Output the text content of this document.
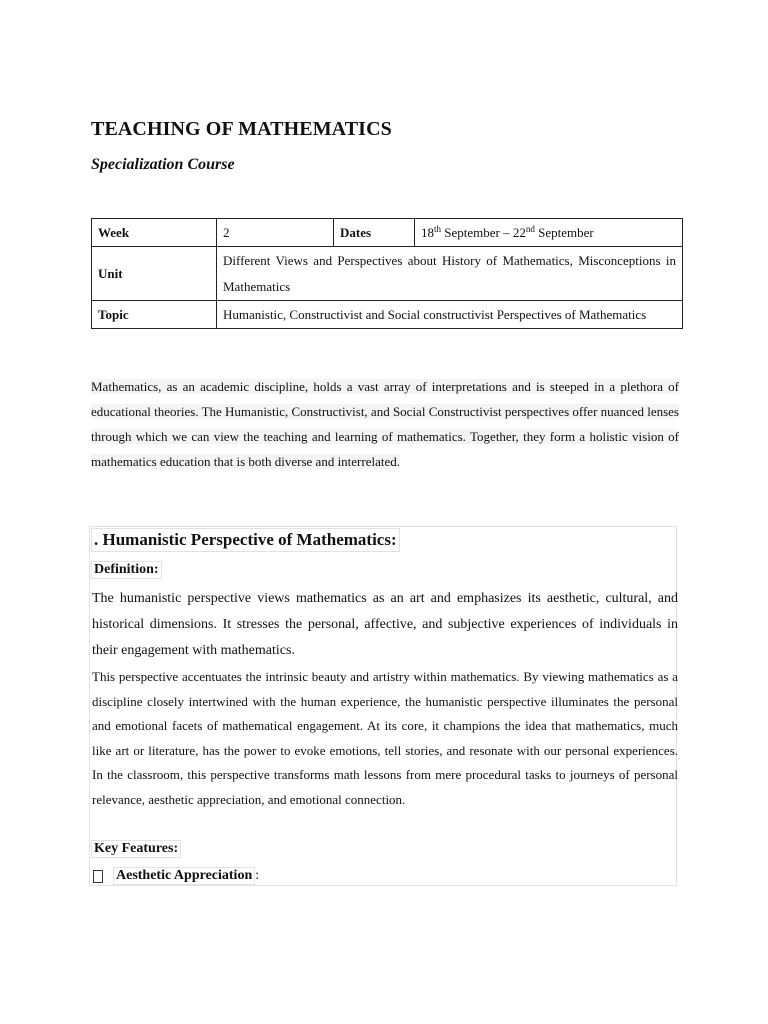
TEACHING OF MATHEMATICS
Specialization Course
Week	2	Dates	18th September – 22nd September
Unit	Different Views and Perspectives about History of Mathematics, Misconceptions in Mathematics		
Topic	Humanistic, Constructivist and Social constructivist Perspectives of Mathematics		

Mathematics, as an academic discipline, holds a vast array of interpretations and is steeped in a plethora of educational theories. The Humanistic, Constructivist, and Social Constructivist perspectives offer nuanced lenses through which we can view the teaching and learning of mathematics. Together, they form a holistic vision of mathematics education that is both diverse and interrelated.

. Humanistic Perspective of Mathematics:
Definition:

The humanistic perspective views mathematics as an art and emphasizes its aesthetic, cultural, and historical dimensions. It stresses the personal, affective, and subjective experiences of individuals in their engagement with mathematics.

This perspective accentuates the intrinsic beauty and artistry within mathematics. By viewing mathematics as a discipline closely intertwined with the human experience, the humanistic perspective illuminates the personal and emotional facets of mathematical engagement. At its core, it champions the idea that mathematics, much like art or literature, has the power to evoke emotions, tell stories, and resonate with our personal experiences. In the classroom, this perspective transforms math lessons from mere procedural tasks to journeys of personal relevance, aesthetic appreciation, and emotional connection.

Key Features:
Aesthetic Appreciation :
